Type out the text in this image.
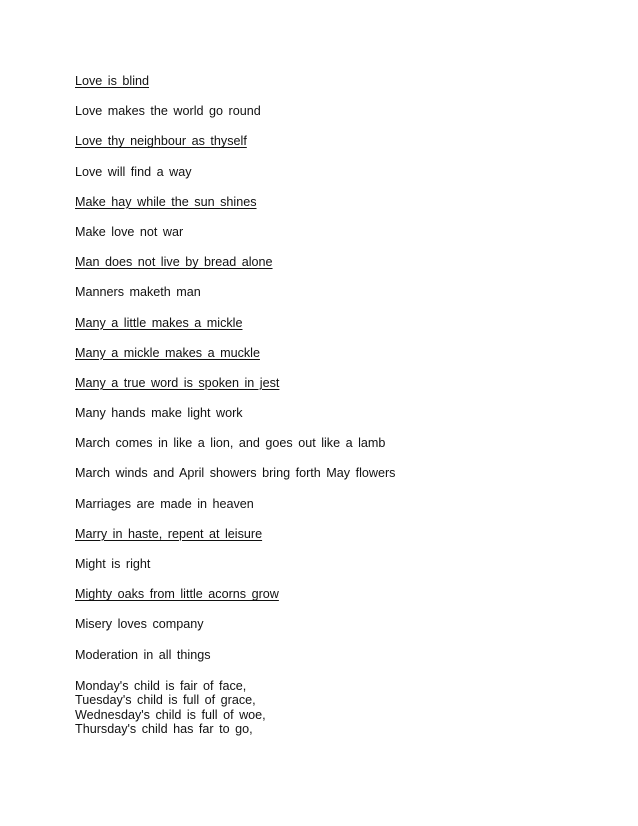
Love is blind
Love makes the world go round
Love thy neighbour as thyself
Love will find a way
Make hay while the sun shines
Make love not war
Man does not live by bread alone
Manners maketh man
Many a little makes a mickle
Many a mickle makes a muckle
Many a true word is spoken in jest
Many hands make light work
March comes in like a lion, and goes out like a lamb
March winds and April showers bring forth May flowers
Marriages are made in heaven
Marry in haste, repent at leisure
Might is right
Mighty oaks from little acorns grow
Misery loves company
Moderation in all things
Monday's child is fair of face,
Tuesday's child is full of grace,
Wednesday's child is full of woe,
Thursday's child has far to go,
